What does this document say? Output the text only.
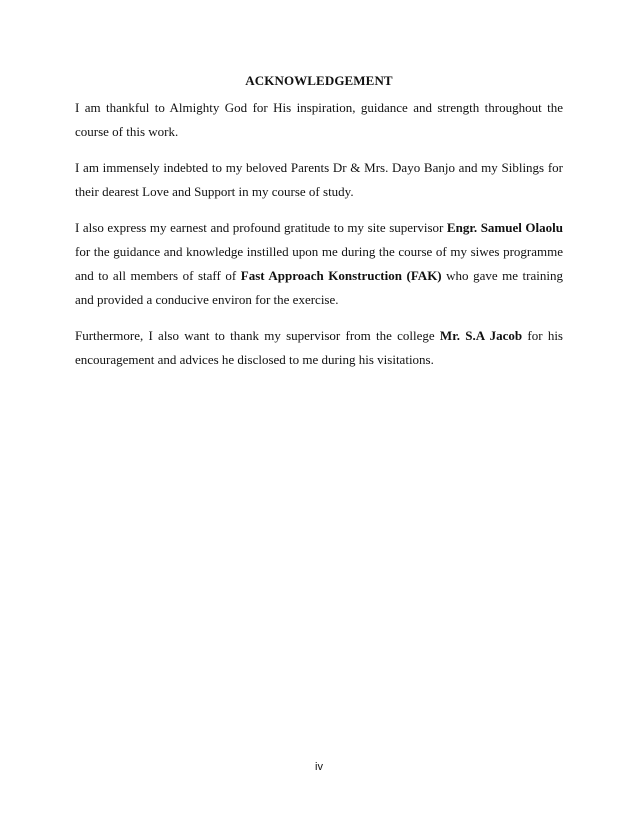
ACKNOWLEDGEMENT

I am thankful to Almighty God for His inspiration, guidance and strength throughout the course of this work.

I am immensely indebted to my beloved Parents Dr & Mrs. Dayo Banjo and my Siblings for their dearest Love and Support in my course of study.

I also express my earnest and profound gratitude to my site supervisor Engr. Samuel Olaolu for the guidance and knowledge instilled upon me during the course of my siwes programme and to all members of staff of Fast Approach Konstruction (FAK) who gave me training and provided a conducive environ for the exercise.

Furthermore, I also want to thank my supervisor from the college Mr. S.A Jacob for his encouragement and advices he disclosed to me during his visitations.

iv
